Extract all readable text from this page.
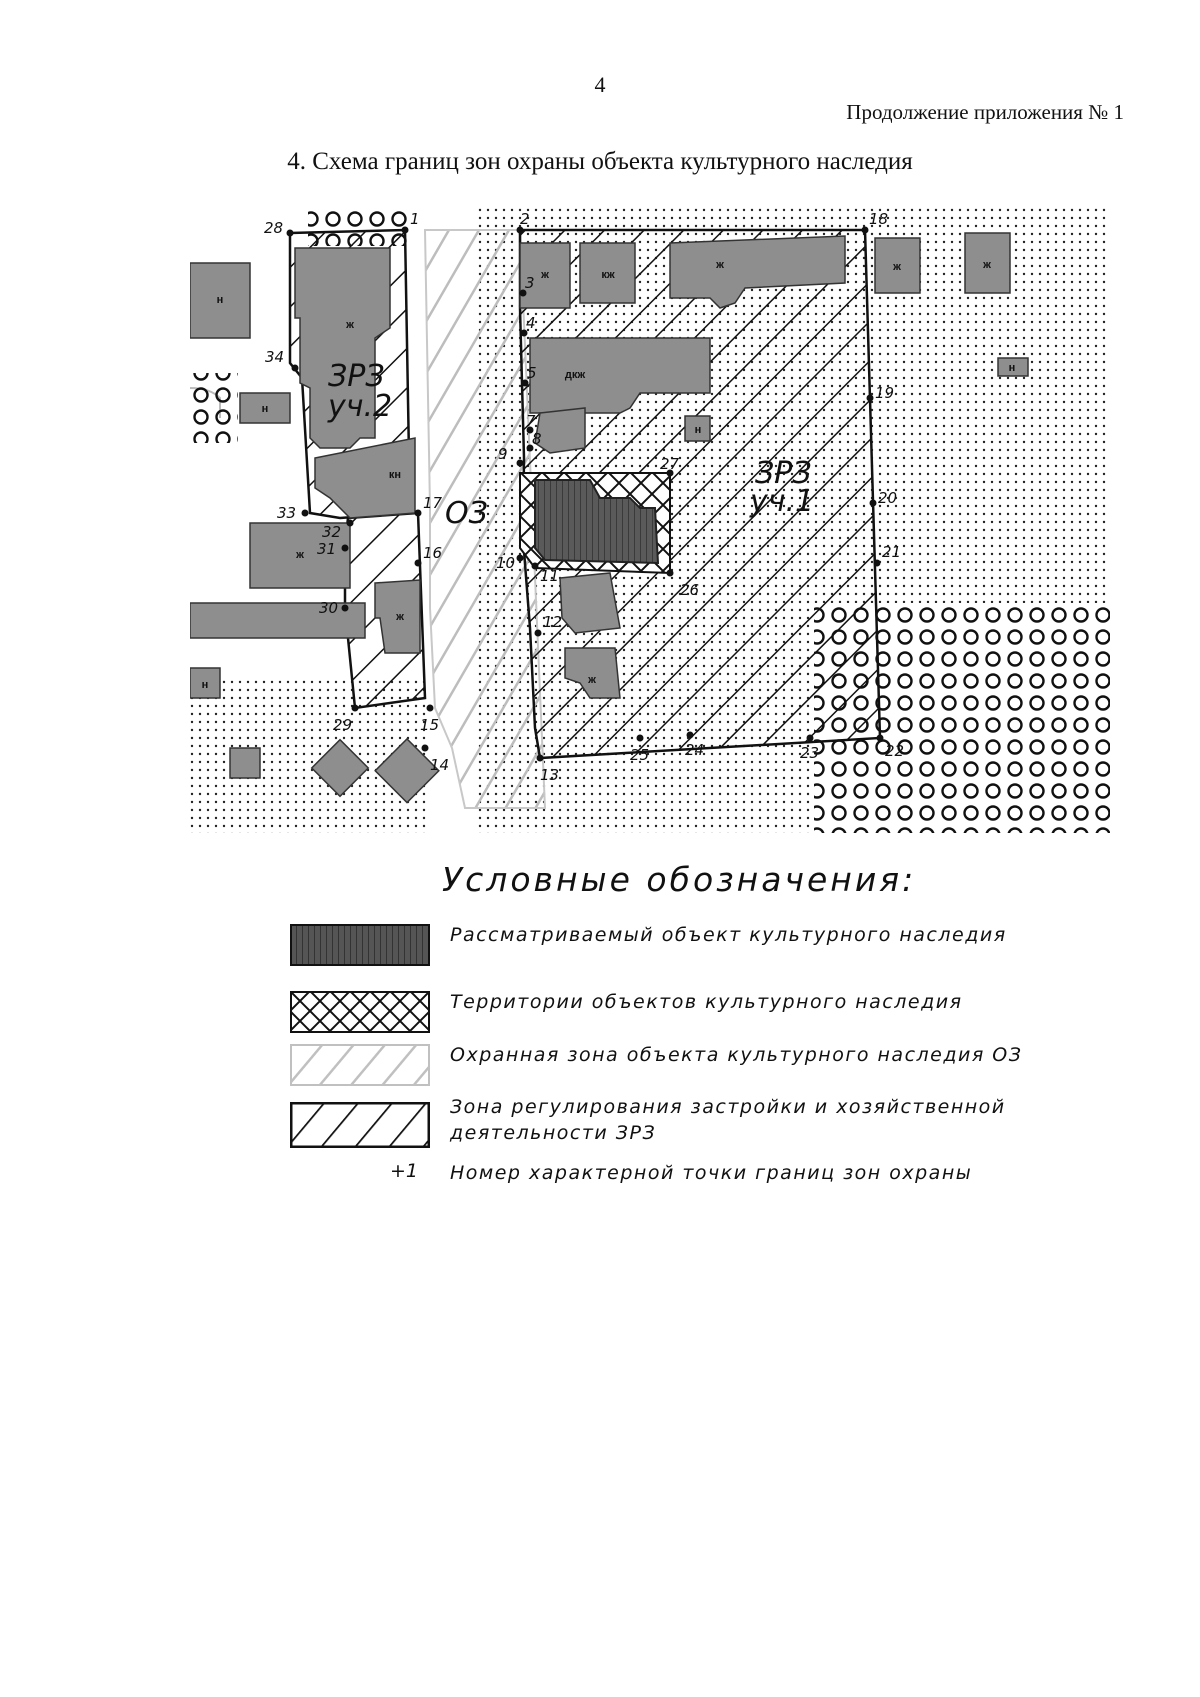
4
Продолжение приложения № 1
4. Схема границ зон охраны объекта культурного наследия
1	2
3
4
5
7
8
9
10
11
12
13
14
15
16
17
18
19
20
21
22
23
24
25
26
27
28
29
30
31
32
33
34
ЗРЗ
уч.2
ЗРЗ
уч.1
ОЗ
н
н
ж
ж
кн
ж
ж	кж
ж
дкж
н
ж
ж	ж
н
н
Условные обозначения:
Рассматриваемый объект культурного наследия
Территории объектов культурного наследия
Охранная зона объекта культурного наследия ОЗ
Зона регулирования застройки и хозяйственной деятельности ЗРЗ
+1 Номер характерной точки границ зон охраны
